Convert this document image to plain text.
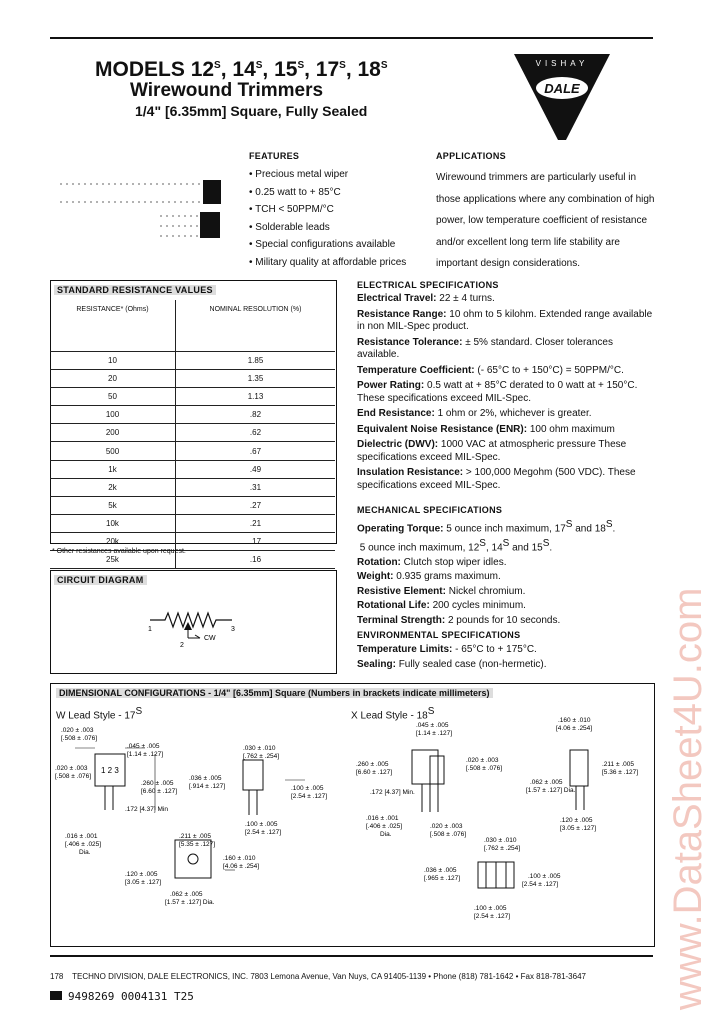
MODELS $12^S$, $14^S$, $15^S$, $17^S$, $18^S$
Wirewound Trimmers
1/4" [6.35mm] Square, Fully Sealed
VISHAY
DALE
FEATURES
• Precious metal wiper
• 0.25 watt to + 85°C
• TCH < 50PPM/°C
• Solderable leads
• Special configurations available
• Military quality at affordable prices
APPLICATIONS
Wirewound trimmers are particularly useful in those applications where any combination of high power, low temperature coefficient of resistance and/or excellent long term life stability are important design considerations.
STANDARD RESISTANCE VALUES
RESISTANCE* (Ohms)	NOMINAL RESOLUTION (%)
10	1.85
20	1.35
50	1.13
100	.82
200	.62
500	.67
1k	.49
2k	.31
5k	.27
10k	.21
20k	.17
25k	.16
* Other resistances available upon request.
CIRCUIT DIAGRAM
1
2
3
CW
ELECTRICAL SPECIFICATIONS
Electrical Travel: 22 ± 4 turns.
Resistance Range: 10 ohm to 5 kilohm. Extended range available in non MIL-Spec product.
Resistance Tolerance: ± 5% standard. Closer tolerances available.
Temperature Coefficient: (- 65°C to + 150°C) = 50PPM/°C.
Power Rating: 0.5 watt at + 85°C derated to 0 watt at + 150°C. These specifications exceed MIL-Spec.
End Resistance: 1 ohm or 2%, whichever is greater.
Equivalent Noise Resistance (ENR): 100 ohm maximum
Dielectric (DWV): 1000 VAC at atmospheric pressure These specifications exceed MIL-Spec.
Insulation Resistance: > 100,000 Megohm (500 VDC). These specifications exceed MIL-Spec.
MECHANICAL SPECIFICATIONS
Operating Torque: 5 ounce inch maximum, $17^S$ and $18^S$.
5 ounce inch maximum, $12^S$, $14^S$ and $15^S$.
Rotation: Clutch stop wiper idles.
Weight: 0.935 grams maximum.
Resistive Element: Nickel chromium.
Rotational Life: 200 cycles minimum.
Terminal Strength: 2 pounds for 10 seconds.
ENVIRONMENTAL SPECIFICATIONS
Temperature Limits: - 65°C to + 175°C.
Sealing: Fully sealed case (non-hermetic).
DIMENSIONAL CONFIGURATIONS - 1/4" [6.35mm] Square (Numbers in brackets indicate millimeters)
W Lead Style - $17^S$	X Lead Style - $18^S$
.020 ± .003
[.508 ± .076]
.045 ± .005
[1.14 ± .127]
.020 ± .003
[.508 ± .076]
1 2 3
.260 ± .005
[6.60 ± .127]
.172 [4.37] Min
.036 ± .005
[.914 ± .127]
.030 ± .010
[.762 ± .254]
.100 ± .005
[2.54 ± .127]
.100 ± .005
[2.54 ± .127]
.016 ± .001
[.406 ± .025]
Dia.
.211 ± .005
[5.35 ± .127]
.120 ± .005
[3.05 ± .127]
.160 ± .010
[4.06 ± .254]
.062 ± .005
[1.57 ± .127] Dia.
.045 ± .005
[1.14 ± .127]
.020 ± .003
[.508 ± .076]
.260 ± .005
[6.60 ± .127]
.172 [4.37] Min.
.016 ± .001
[.406 ± .025]
Dia.
.020 ± .003
[.508 ± .076]
.160 ± .010
[4.06 ± .254]
.211 ± .005
[5.36 ± .127]
.062 ± .005
[1.57 ± .127] Dia.
.120 ± .005
[3.05 ± .127]
.036 ± .005
[.965 ± .127]
.030 ± .010
[.762 ± .254]
.100 ± .005
[2.54 ± .127]
.100 ± .005
[2.54 ± .127]
178 TECHNO DIVISION, DALE ELECTRONICS, INC. 7803 Lemona Avenue, Van Nuys, CA 91405-1139 • Phone (818) 781-1642 • Fax 818-781-3647
9498269 0004131 T25	www.DataSheet4U.com
